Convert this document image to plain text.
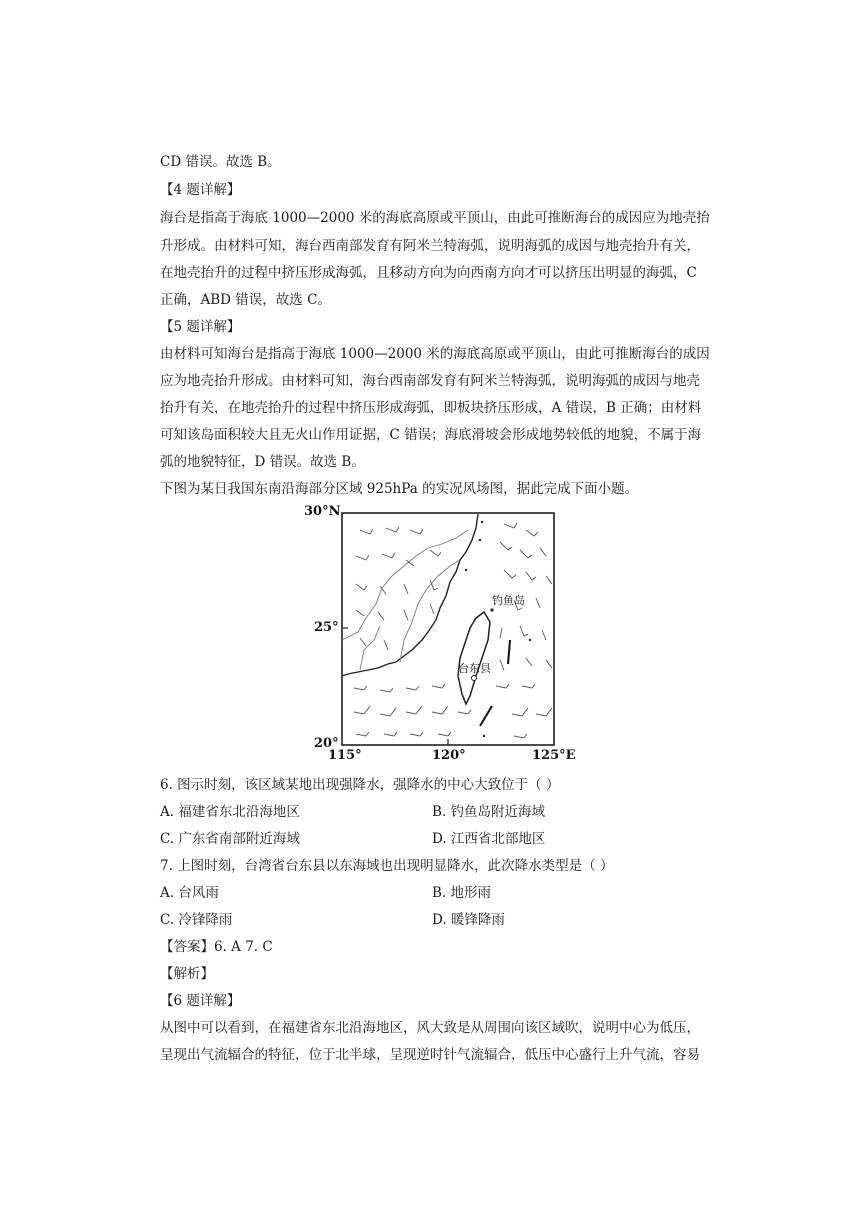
CD 错误。故选 B。
【4 题详解】
海台是指高于海底 1000—2000 米的海底高原或平顶山，由此可推断海台的成因应为地壳抬
升形成。由材料可知，海台西南部发育有阿米兰特海弧，说明海弧的成因与地壳抬升有关，
在地壳抬升的过程中挤压形成海弧，且移动方向为向西南方向才可以挤压出明显的海弧，C
正确，ABD 错误，故选 C。
【5 题详解】
由材料可知海台是指高于海底 1000—2000 米的海底高原或平顶山，由此可推断海台的成因
应为地壳抬升形成。由材料可知，海台西南部发育有阿米兰特海弧，说明海弧的成因与地壳
抬升有关，在地壳抬升的过程中挤压形成海弧，即板块挤压形成，A 错误，B 正确；由材料
可知该岛面积较大且无火山作用证据，C 错误；海底滑坡会形成地势较低的地貌，不属于海
弧的地貌特征，D 错误。故选 B。
下图为某日我国东南沿海部分区域 925hPa 的实况风场图，据此完成下面小题。
30°N
25°
20°
115°	120°	125°E
钓鱼岛
台东县
6. 图示时刻，该区域某地出现强降水，强降水的中心大致位于（ ）
A. 福建省东北沿海地区	B. 钓鱼岛附近海域
C. 广东省南部附近海域	D. 江西省北部地区
7. 上图时刻，台湾省台东县以东海域也出现明显降水，此次降水类型是（ ）
A. 台风雨	B. 地形雨
C. 冷锋降雨	D. 暖锋降雨
【答案】6. A 7. C
【解析】
【6 题详解】
从图中可以看到，在福建省东北沿海地区，风大致是从周围向该区域吹，说明中心为低压，
呈现出气流辐合的特征，位于北半球，呈现逆时针气流辐合，低压中心盛行上升气流，容易
